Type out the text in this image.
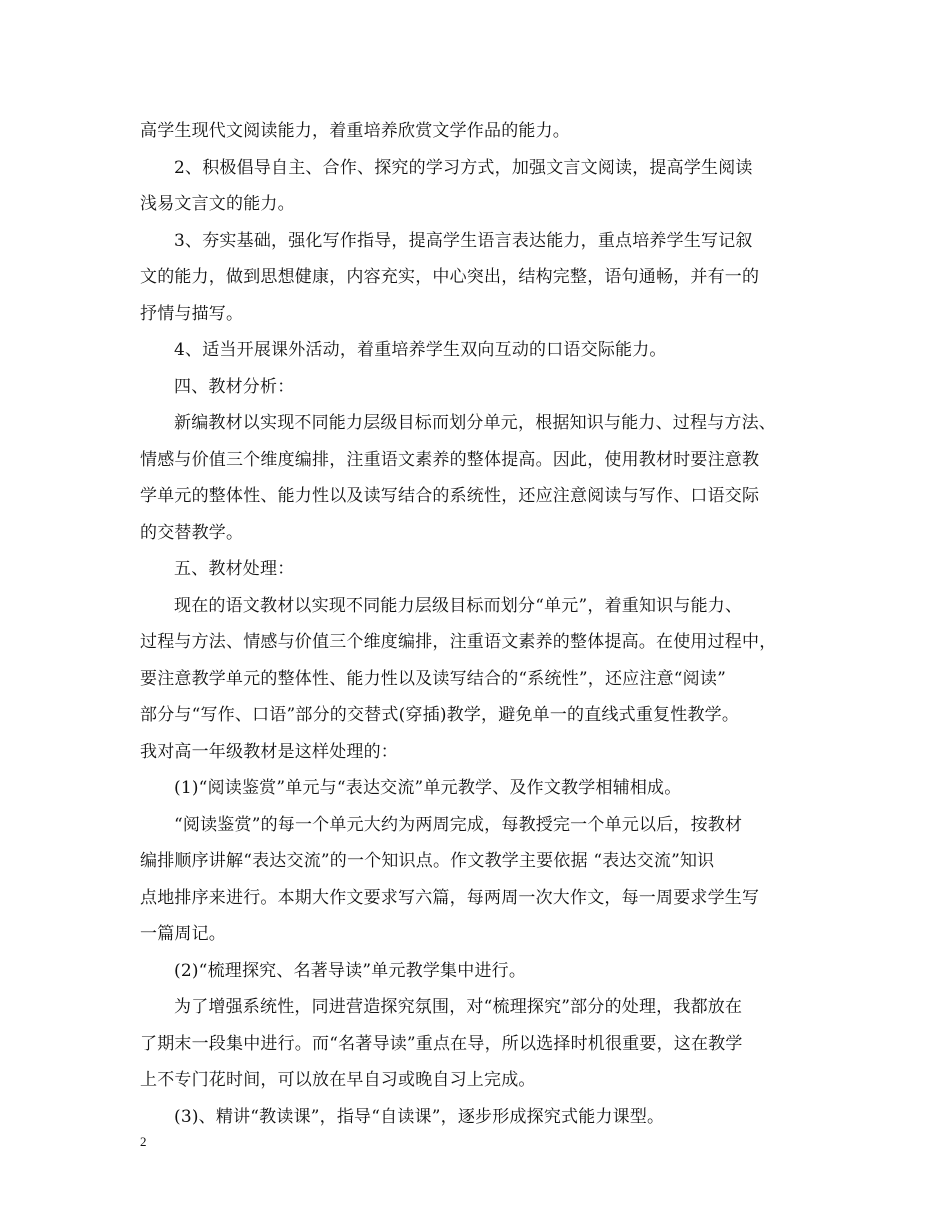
高学生现代文阅读能力，着重培养欣赏文学作品的能力。
2、积极倡导自主、合作、探究的学习方式，加强文言文阅读，提高学生阅读
浅易文言文的能力。
3、夯实基础，强化写作指导，提高学生语言表达能力，重点培养学生写记叙
文的能力，做到思想健康，内容充实，中心突出，结构完整，语句通畅，并有一的
抒情与描写。
4、适当开展课外活动，着重培养学生双向互动的口语交际能力。
四、教材分析：
新编教材以实现不同能力层级目标而划分单元，根据知识与能力、过程与方法、
情感与价值三个维度编排，注重语文素养的整体提高。因此，使用教材时要注意教
学单元的整体性、能力性以及读写结合的系统性，还应注意阅读与写作、口语交际
的交替教学。
五、教材处理：
现在的语文教材以实现不同能力层级目标而划分“单元”，着重知识与能力、
过程与方法、情感与价值三个维度编排，注重语文素养的整体提高。在使用过程中，
要注意教学单元的整体性、能力性以及读写结合的“系统性”，还应注意“阅读”
部分与“写作、口语”部分的交替式(穿插)教学，避免单一的直线式重复性教学。
我对高一年级教材是这样处理的：
(1)“阅读鉴赏”单元与“表达交流”单元教学、及作文教学相辅相成。
“阅读鉴赏”的每一个单元大约为两周完成，每教授完一个单元以后，按教材
编排顺序讲解“表达交流”的一个知识点。作文教学主要依据 “表达交流”知识
点地排序来进行。本期大作文要求写六篇，每两周一次大作文，每一周要求学生写
一篇周记。
(2)“梳理探究、名著导读”单元教学集中进行。
为了增强系统性，同进营造探究氛围，对“梳理探究”部分的处理，我都放在
了期末一段集中进行。而“名著导读”重点在导，所以选择时机很重要，这在教学
上不专门花时间，可以放在早自习或晚自习上完成。
(3)、精讲“教读课”，指导“自读课”，逐步形成探究式能力课型。
2
